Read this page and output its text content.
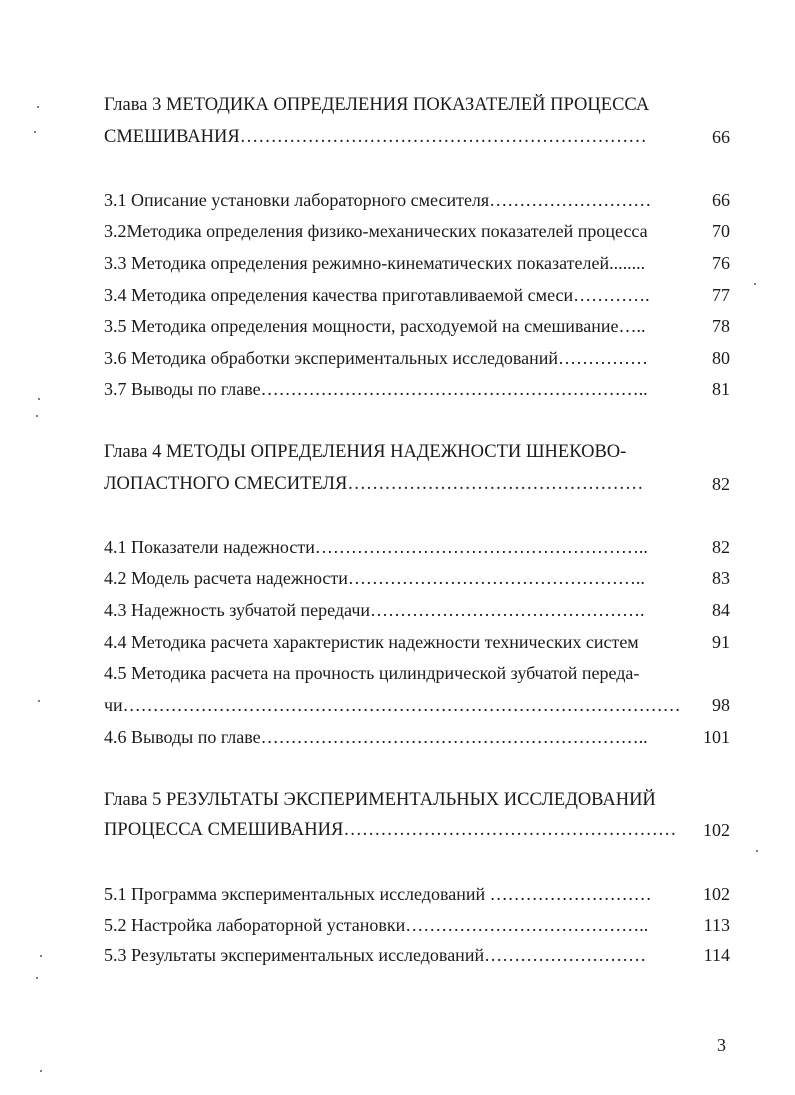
Глава 3 МЕТОДИКА ОПРЕДЕЛЕНИЯ ПОКАЗАТЕЛЕЙ ПРОЦЕССА
СМЕШИВАНИЯ…………………………………………………………	66
3.1 Описание установки лабораторного смесителя………………………	66
3.2Методика определения физико-механических показателей процесса	70
3.3 Методика определения режимно-кинематических показателей........	76
3.4 Методика определения качества приготавливаемой смеси………….	77
3.5 Методика определения мощности, расходуемой на смешивание…..	78
3.6 Методика обработки экспериментальных исследований……………	80
3.7 Выводы по главе………………………………………………………..	81
Глава 4 МЕТОДЫ ОПРЕДЕЛЕНИЯ НАДЕЖНОСТИ ШНЕКОВО-
ЛОПАСТНОГО СМЕСИТЕЛЯ…………………………………………	82
4.1 Показатели надежности………………………………………………..	82
4.2 Модель расчета надежности…………………………………………..	83
4.3 Надежность зубчатой передачи……………………………………….	84
4.4 Методика расчета характеристик надежности технических систем	91
4.5 Методика расчета на прочность цилиндрической зубчатой переда-
чи…………………………………………………………………………………	98
4.6 Выводы по главе………………………………………………………..	101
Глава 5 РЕЗУЛЬТАТЫ ЭКСПЕРИМЕНТАЛЬНЫХ ИССЛЕДОВАНИЙ
ПРОЦЕССА СМЕШИВАНИЯ………………………………………………	102
5.1 Программа экспериментальных исследований ………………………	102
5.2 Настройка лабораторной установки…………………………………..	113
5.3 Результаты экспериментальных исследований………………………	114
3
